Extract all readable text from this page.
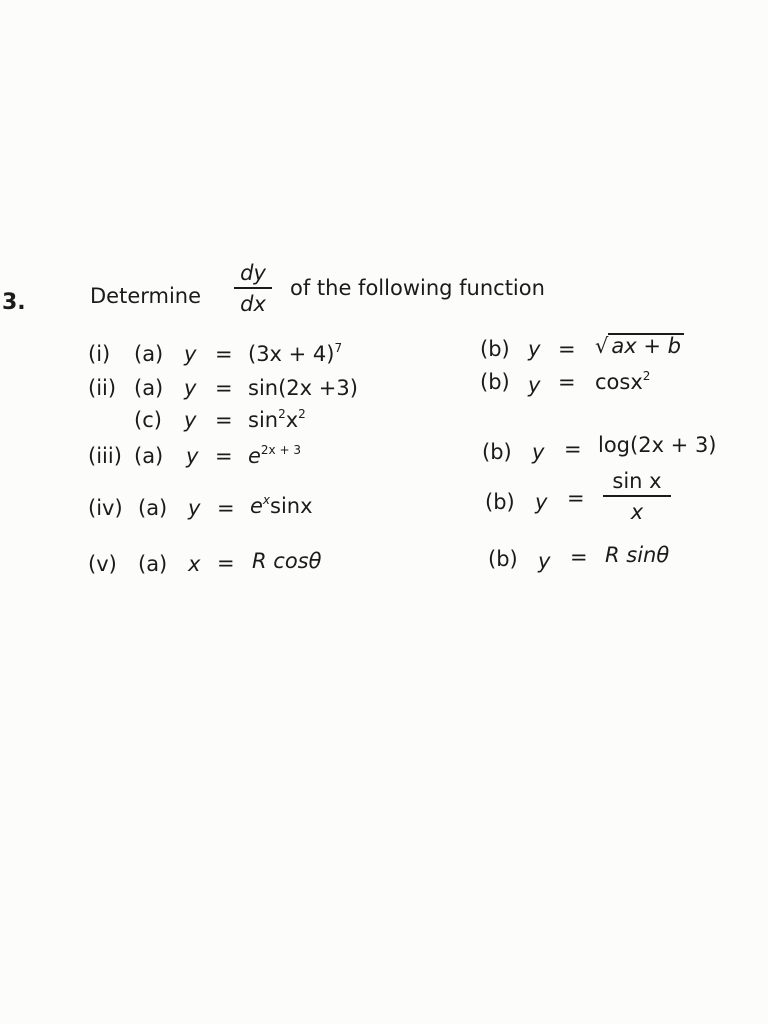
3.	Determine
dy
dx
of the following function
(i) (a) $y = (3x + 4)^7$	(b) y = √ ax + b
(ii) (a) y = sin(2x +3)	(b) y = cosx$^2$
(c) $y = \sin^2x^2$
(iii) (a) $y = e^{2x + 3}$	(b) y = log(2x + 3)
(iv) (a) $y = e^x\sin x$	(b) y =
sin x
x
(v) (a) x = R cosθ	(b) y = R sinθ
